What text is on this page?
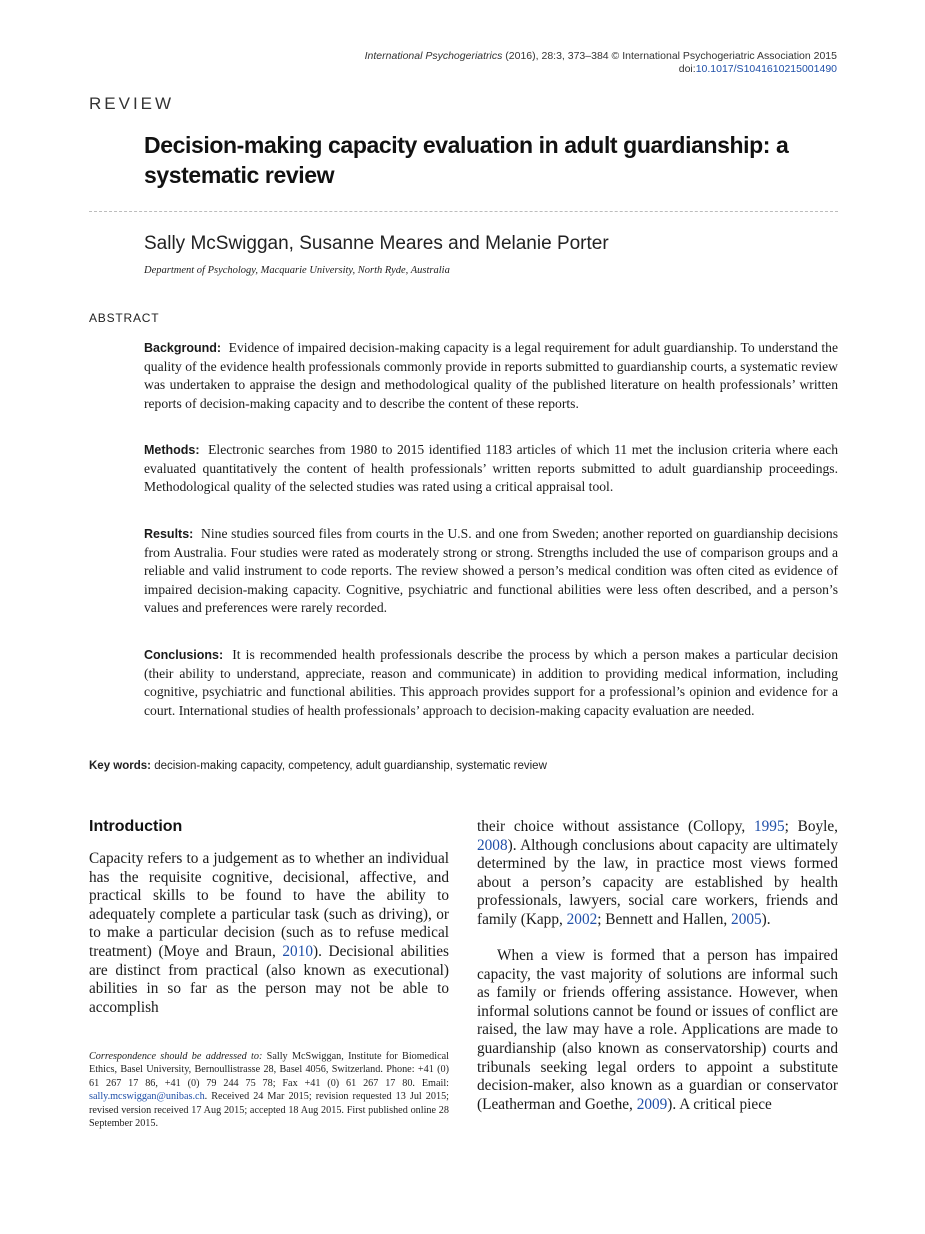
International Psychogeriatrics (2016), 28:3, 373–384 © International Psychogeriatric Association 2015
doi:10.1017/S1041610215001490
REVIEW
Decision-making capacity evaluation in adult guardianship: a systematic review
Sally McSwiggan, Susanne Meares and Melanie Porter
Department of Psychology, Macquarie University, North Ryde, Australia
ABSTRACT

Background: Evidence of impaired decision-making capacity is a legal requirement for adult guardianship. To understand the quality of the evidence health professionals commonly provide in reports submitted to guardianship courts, a systematic review was undertaken to appraise the design and methodological quality of the published literature on health professionals’ written reports of decision-making capacity and to describe the content of these reports.

Methods: Electronic searches from 1980 to 2015 identified 1183 articles of which 11 met the inclusion criteria where each evaluated quantitatively the content of health professionals’ written reports submitted to adult guardianship proceedings. Methodological quality of the selected studies was rated using a critical appraisal tool.

Results: Nine studies sourced files from courts in the U.S. and one from Sweden; another reported on guardianship decisions from Australia. Four studies were rated as moderately strong or strong. Strengths included the use of comparison groups and a reliable and valid instrument to code reports. The review showed a person’s medical condition was often cited as evidence of impaired decision-making capacity. Cognitive, psychiatric and functional abilities were less often described, and a person’s values and preferences were rarely recorded.

Conclusions: It is recommended health professionals describe the process by which a person makes a particular decision (their ability to understand, appreciate, reason and communicate) in addition to providing medical information, including cognitive, psychiatric and functional abilities. This approach provides support for a professional’s opinion and evidence for a court. International studies of health professionals’ approach to decision-making capacity evaluation are needed.

Key words: decision-making capacity, competency, adult guardianship, systematic review
Introduction

Capacity refers to a judgement as to whether an individual has the requisite cognitive, decisional, affective, and practical skills to be found to have the ability to adequately complete a particular task (such as driving), or to make a particular decision (such as to refuse medical treatment) (Moye and Braun, 2010). Decisional abilities are distinct from practical (also known as executional) abilities in so far as the person may not be able to accomplish

their choice without assistance (Collopy, 1995; Boyle, 2008). Although conclusions about capacity are ultimately determined by the law, in practice most views formed about a person’s capacity are established by health professionals, lawyers, social care workers, friends and family (Kapp, 2002; Bennett and Hallen, 2005).

When a view is formed that a person has impaired capacity, the vast majority of solutions are informal such as family or friends offering assistance. However, when informal solutions cannot be found or issues of conflict are raised, the law may have a role. Applications are made to guardianship (also known as conservatorship) courts and tribunals seeking legal orders to appoint a substitute decision-maker, also known as a guardian or conservator (Leatherman and Goethe, 2009). A critical piece

Correspondence should be addressed to: Sally McSwiggan, Institute for Biomedical Ethics, Basel University, Bernoullistrasse 28, Basel 4056, Switzerland. Phone: +41 (0) 61 267 17 86, +41 (0) 79 244 75 78; Fax +41 (0) 61 267 17 80. Email: sally.mcswiggan@unibas.ch. Received 24 Mar 2015; revision requested 13 Jul 2015; revised version received 17 Aug 2015; accepted 18 Aug 2015. First published online 28 September 2015.
